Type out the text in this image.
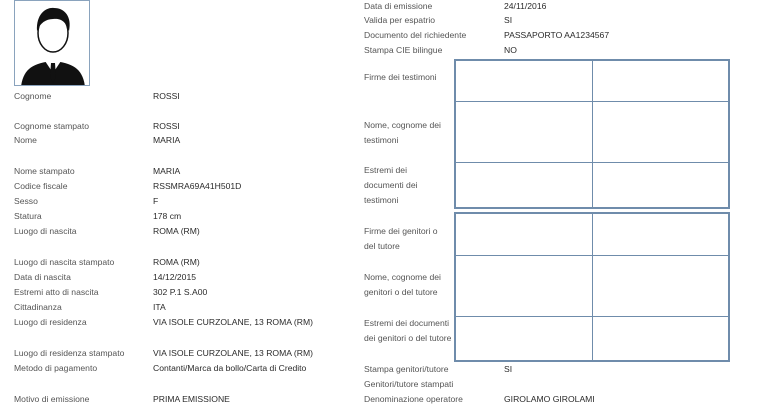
Cognome	ROSSI
Cognome stampato	ROSSI
Nome	MARIA
Nome stampato	MARIA
Codice fiscale	RSSMRA69A41H501D
Sesso	F
Statura	178 cm
Luogo di nascita	ROMA (RM)
Luogo di nascita stampato	ROMA (RM)
Data di nascita	14/12/2015
Estremi atto di nascita	302 P.1 S.A00
Cittadinanza	ITA
Luogo di residenza	VIA ISOLE CURZOLANE, 13 ROMA (RM)
Luogo di residenza stampato	VIA ISOLE CURZOLANE, 13 ROMA (RM)
Metodo di pagamento	Contanti/Marca da bollo/Carta di Credito
Motivo di emissione	PRIMA EMISSIONE
Data di emissione	24/11/2016
Valida per espatrio	SI
Documento del richiedente	PASSAPORTO AA1234567
Stampa CIE bilingue	NO
Firme dei testimoni
Nome, cognome dei testimoni
Estremi dei documenti dei testimoni
Firme dei genitori o del tutore
Nome, cognome dei genitori o del tutore
Estremi dei documenti dei genitori o del tutore
Stampa genitori/tutore	SI
Genitori/tutore stampati
Denominazione operatore	GIROLAMO GIROLAMI
